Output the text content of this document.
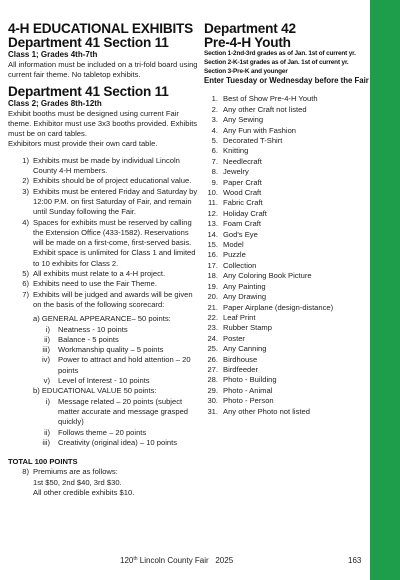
4-H EDUCATIONAL EXHIBITS
Department 41 Section 11
Class 1; Grades 4th-7th
All information must be included on a tri-fold board using current fair theme. No tabletop exhibits.
Department 41 Section 11
Class 2; Grades 8th-12th
Exhibit booths must be designed using current Fair theme. Exhibitor must use 3x3 booths provided. Exhibits must be on card tables.
Exhibitors must provide their own card table.
1) Exhibits must be made by individual Lincoln County 4-H members.
2) Exhibits should be of project educational value.
3) Exhibits must be entered Friday and Saturday by 12:00 P.M. on first Saturday of Fair, and remain until Sunday following the Fair.
4) Spaces for exhibits must be reserved by calling the Extension Office (433-1582). Reservations will be made on a first-come, first-served basis. Exhibit space is unlimited for Class 1 and limited to 10 exhibits for Class 2.
5) All exhibits must relate to a 4-H project.
6) Exhibits need to use the Fair Theme.
7) Exhibits will be judged and awards will be given on the basis of the following scorecard:
a) GENERAL APPEARANCE– 50 points:
i)	Neatness - 10 points
ii)	Balance - 5 points
iii)	Workmanship quality – 5 points
iv)	Power to attract and hold attention – 20 points
v)	Level of Interest - 10 points
b) EDUCATIONAL VALUE 50 points:
i)	Message related – 20 points (subject matter accurate and message grasped quickly)
ii)	Follows theme – 20 points
iii)	Creativity (original idea) – 10 points
TOTAL 100 POINTS
8) Premiums are as follows:
1st $50, 2nd $40, 3rd $30.
All other credible exhibits $10.
Department 42
Pre-4-H Youth
Section 1-2nd-3rd grades as of Jan. 1st of current yr.
Section 2-K-1st grades as of Jan. 1st of current yr.
Section 3-Pre-K and younger
Enter Tuesday or Wednesday before the Fair
1. Best of Show Pre-4-H Youth
2. Any other Craft not listed
3. Any Sewing
4. Any Fun with Fashion
5. Decorated T-Shirt
6. Knitting
7. Needlecraft
8. Jewelry
9. Paper Craft
10. Wood Craft
11. Fabric Craft
12. Holiday Craft
13. Foam Craft
14. God's Eye
15. Model
16. Puzzle
17. Collection
18. Any Coloring Book Picture
19. Any Painting
20. Any Drawing
21. Paper Airplane (design-distance)
22. Leaf Print
23. Rubber Stamp
24. Poster
25. Any Canning
26. Birdhouse
27. Birdfeeder
28. Photo - Building
29. Photo - Animal
30. Photo - Person
31. Any other Photo not listed
120th Lincoln County Fair 2025	163
